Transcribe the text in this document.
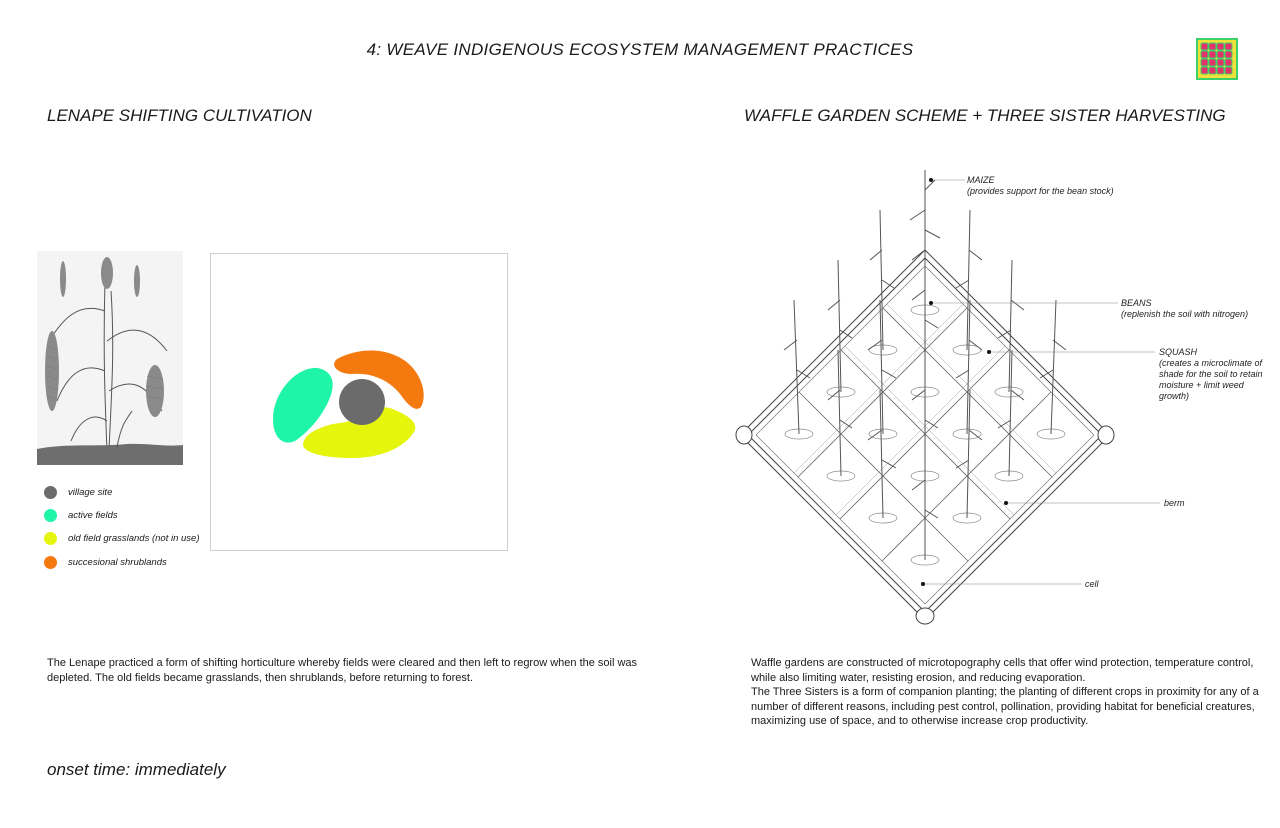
4: WEAVE INDIGENOUS ECOSYSTEM MANAGEMENT PRACTICES
LENAPE SHIFTING CULTIVATION	WAFFLE GARDEN SCHEME + THREE SISTER HARVESTING
village site
active fields
old field grasslands (not in use)
succesional shrublands
MAIZE
(provides support for the bean stock)
BEANS
(replenish the soil with nitrogen)
SQUASH
(creates a microclimate of shade for the soil to retain moisture + limit weed growth)
berm
cell
The Lenape practiced a form of shifting horticulture whereby fields were cleared and then left to regrow when the soil was depleted. The old fields became grasslands, then shrublands, before returning to forest.
Waffle gardens are constructed of microtopography cells that offer wind protection, temperature control, while also limiting water, resisting erosion, and reducing evaporation.
The Three Sisters is a form of companion planting; the planting of different crops in proximity for any of a number of different reasons, including pest control, pollination, providing habitat for beneficial creatures, maximizing use of space, and to otherwise increase crop productivity.
onset time: immediately
